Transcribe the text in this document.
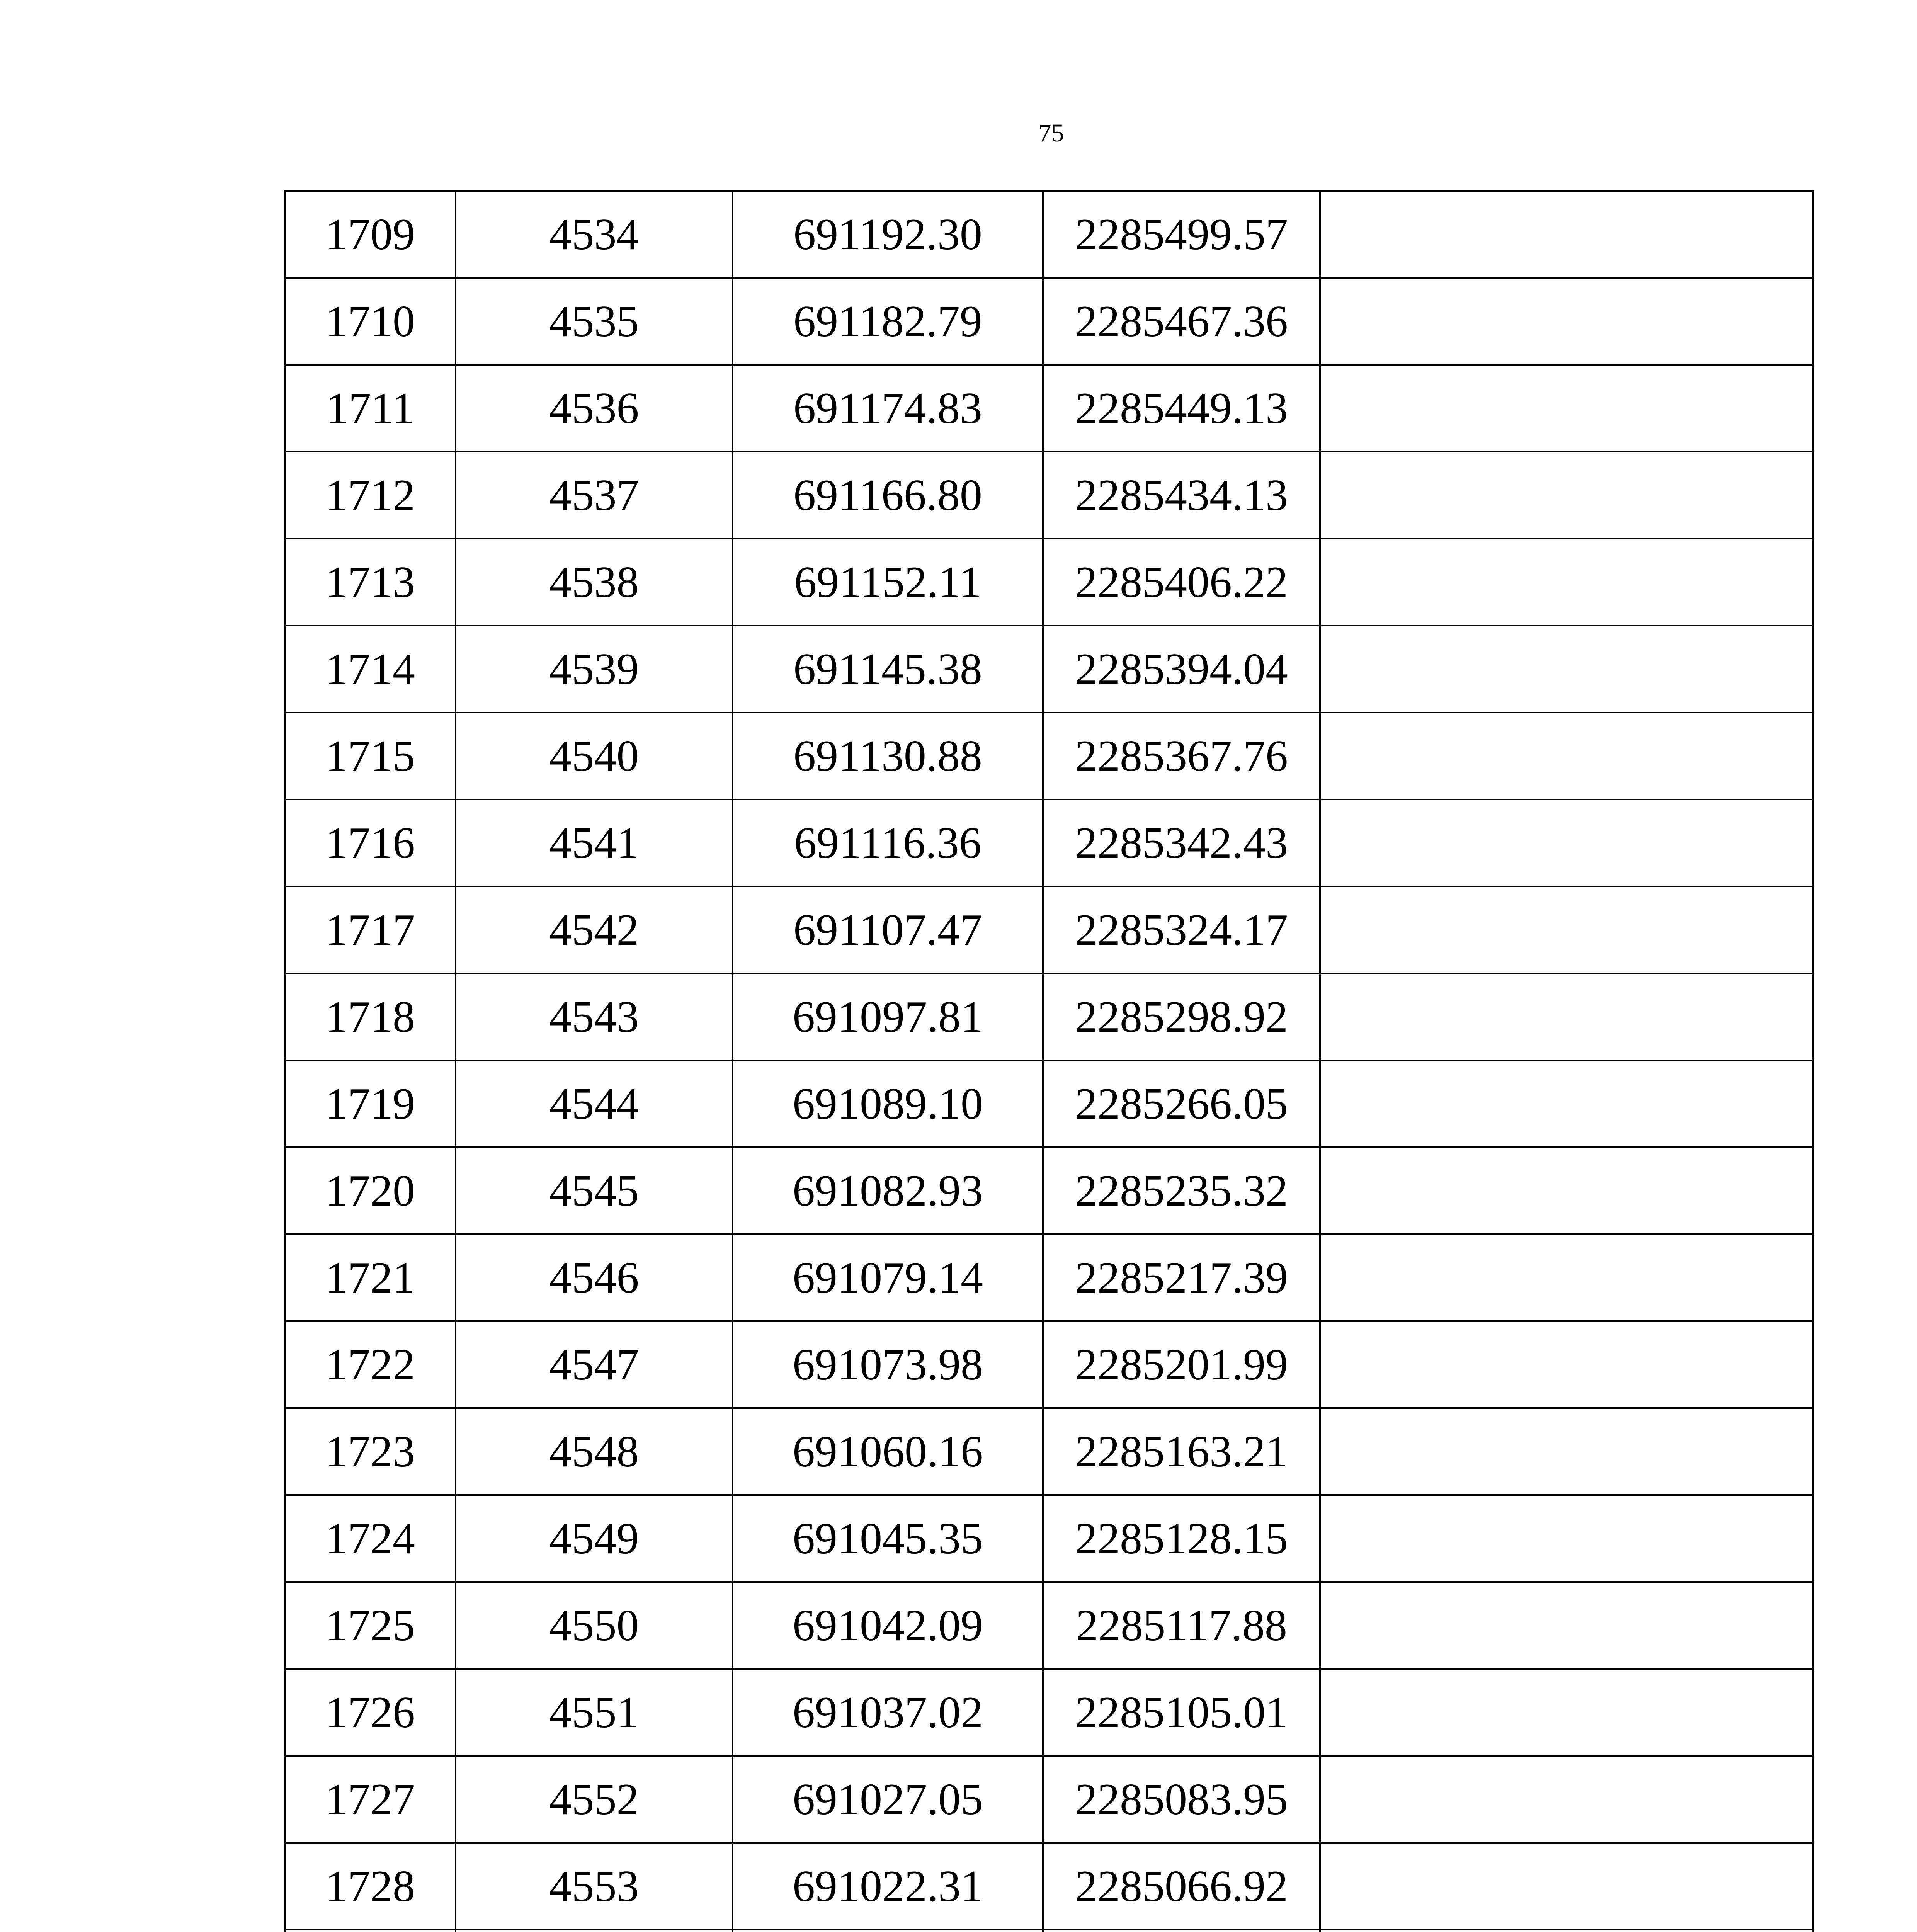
75
1709	4534	691192.30	2285499.57	
1710	4535	691182.79	2285467.36	
1711	4536	691174.83	2285449.13	
1712	4537	691166.80	2285434.13	
1713	4538	691152.11	2285406.22	
1714	4539	691145.38	2285394.04	
1715	4540	691130.88	2285367.76	
1716	4541	691116.36	2285342.43	
1717	4542	691107.47	2285324.17	
1718	4543	691097.81	2285298.92	
1719	4544	691089.10	2285266.05	
1720	4545	691082.93	2285235.32	
1721	4546	691079.14	2285217.39	
1722	4547	691073.98	2285201.99	
1723	4548	691060.16	2285163.21	
1724	4549	691045.35	2285128.15	
1725	4550	691042.09	2285117.88	
1726	4551	691037.02	2285105.01	
1727	4552	691027.05	2285083.95	
1728	4553	691022.31	2285066.92	
